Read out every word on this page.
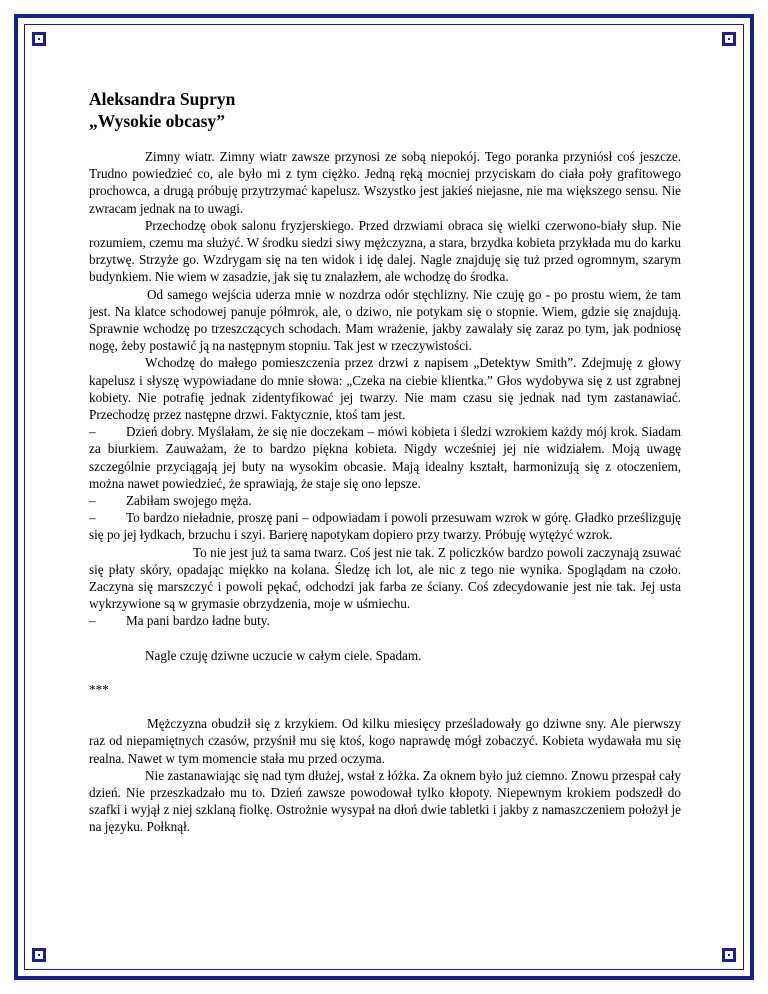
Aleksandra Supryn

„Wysokie obcasy”

Zimny wiatr. Zimny wiatr zawsze przynosi ze sobą niepokój. Tego poranka przyniósł coś jeszcze. Trudno powiedzieć co, ale było mi z tym ciężko. Jedną ręką mocniej przyciskam do ciała poły grafitowego prochowca, a drugą próbuję przytrzymać kapelusz. Wszystko jest jakieś niejasne, nie ma większego sensu. Nie zwracam jednak na to uwagi.

Przechodzę obok salonu fryzjerskiego. Przed drzwiami obraca się wielki czerwono-biały słup. Nie rozumiem, czemu ma służyć. W środku siedzi siwy mężczyzna, a stara, brzydka kobieta przykłada mu do karku brzytwę. Strzyże go. Wzdrygam się na ten widok i idę dalej. Nagle znajduję się tuż przed ogromnym, szarym budynkiem. Nie wiem w zasadzie, jak się tu znalazłem, ale wchodzę do środka.

Od samego wejścia uderza mnie w nozdrza odór stęchlizny. Nie czuję go - po prostu wiem, że tam jest. Na klatce schodowej panuje półmrok, ale, o dziwo, nie potykam się o stopnie. Wiem, gdzie się znajdują. Sprawnie wchodzę po trzeszczących schodach. Mam wrażenie, jakby zawalały się zaraz po tym, jak podniosę nogę, żeby postawić ją na następnym stopniu. Tak jest w rzeczywistości.

Wchodzę do małego pomieszczenia przez drzwi z napisem „Detektyw Smith”. Zdejmuję z głowy kapelusz i słyszę wypowiadane do mnie słowa: „Czeka na ciebie klientka.” Głos wydobywa się z ust zgrabnej kobiety. Nie potrafię jednak zidentyfikować jej twarzy. Nie mam czasu się jednak nad tym zastanawiać. Przechodzę przez następne drzwi. Faktycznie, ktoś tam jest.

– Dzień dobry. Myślałam, że się nie doczekam – mówi kobieta i śledzi wzrokiem każdy mój krok. Siadam za biurkiem. Zauważam, że to bardzo piękna kobieta. Nigdy wcześniej jej nie widziałem. Moją uwagę szczególnie przyciągają jej buty na wysokim obcasie. Mają idealny kształt, harmonizują się z otoczeniem, można nawet powiedzieć, że sprawiają, że staje się ono lepsze.

– Zabiłam swojego męża.

– To bardzo nieładnie, proszę pani – odpowiadam i powoli przesuwam wzrok w górę. Gładko prześlizguję się po jej łydkach, brzuchu i szyi. Barierę napotykam dopiero przy twarzy. Próbuję wytężyć wzrok.

To nie jest już ta sama twarz. Coś jest nie tak. Z policzków bardzo powoli zaczynają zsuwać się płaty skóry, opadając miękko na kolana. Śledzę ich lot, ale nic z tego nie wynika. Spoglądam na czoło. Zaczyna się marszczyć i powoli pękać, odchodzi jak farba ze ściany. Coś zdecydowanie jest nie tak. Jej usta wykrzywione są w grymasie obrzydzenia, moje w uśmiechu.

– Ma pani bardzo ładne buty.

Nagle czuję dziwne uczucie w całym ciele. Spadam.

***

Mężczyzna obudził się z krzykiem. Od kilku miesięcy prześladowały go dziwne sny. Ale pierwszy raz od niepamiętnych czasów, przyśnił mu się ktoś, kogo naprawdę mógł zobaczyć. Kobieta wydawała mu się realna. Nawet w tym momencie stała mu przed oczyma.

Nie zastanawiając się nad tym dłużej, wstał z łóżka. Za oknem było już ciemno. Znowu przespał cały dzień. Nie przeszkadzało mu to. Dzień zawsze powodował tylko kłopoty. Niepewnym krokiem podszedł do szafki i wyjął z niej szklaną fiolkę. Ostrożnie wysypał na dłoń dwie tabletki i jakby z namaszczeniem położył je na języku. Połknął.
